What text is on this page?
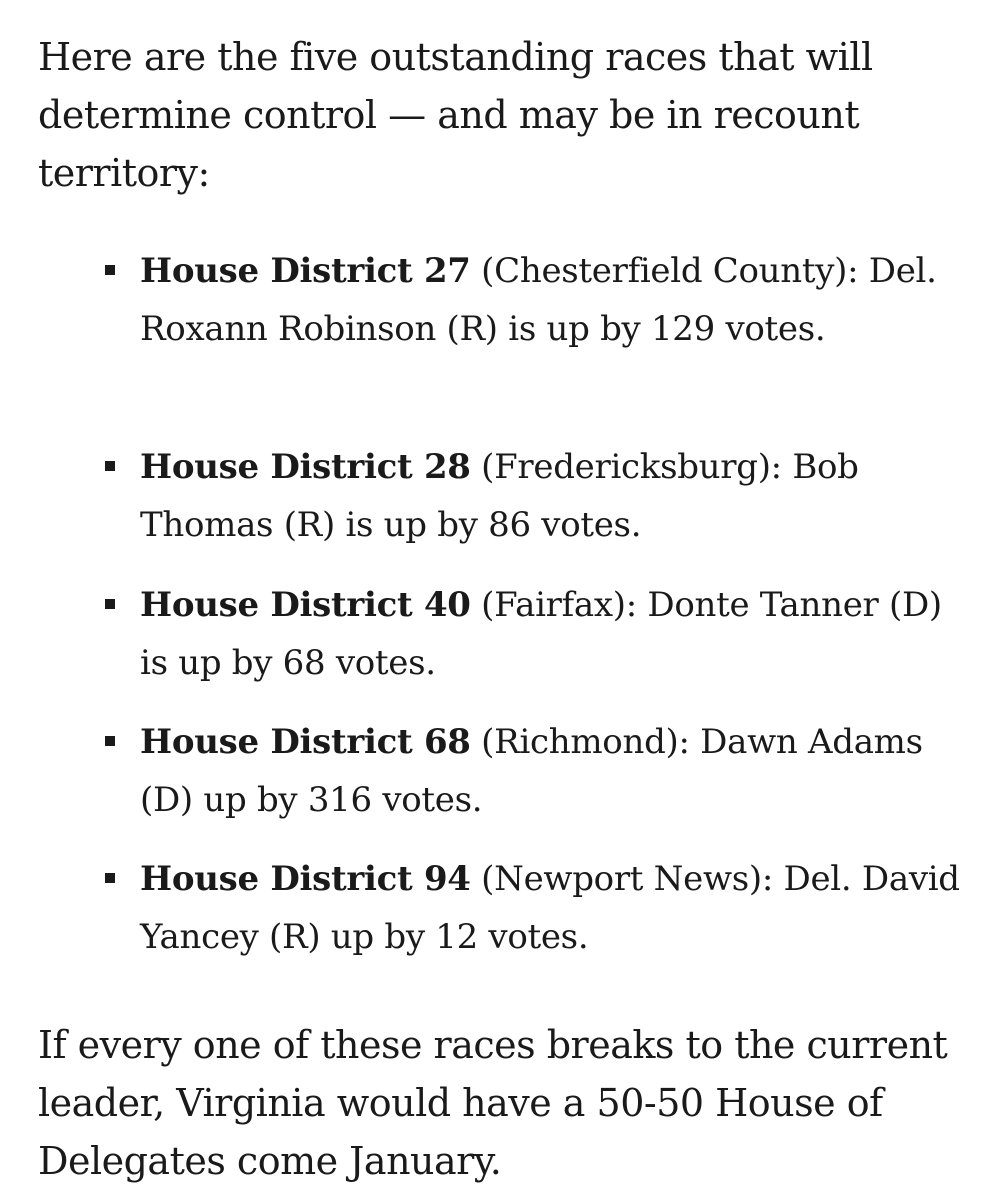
Here are the five outstanding races that will determine control — and may be in recount territory:

House District 27 (Chesterfield County): Del. Roxann Robinson (R) is up by 129 votes.
House District 28 (Fredericksburg): Bob Thomas (R) is up by 86 votes.
House District 40 (Fairfax): Donte Tanner (D) is up by 68 votes.
House District 68 (Richmond): Dawn Adams (D) up by 316 votes.
House District 94 (Newport News): Del. David Yancey (R) up by 12 votes.

If every one of these races breaks to the current leader, Virginia would have a 50-50 House of Delegates come January.
